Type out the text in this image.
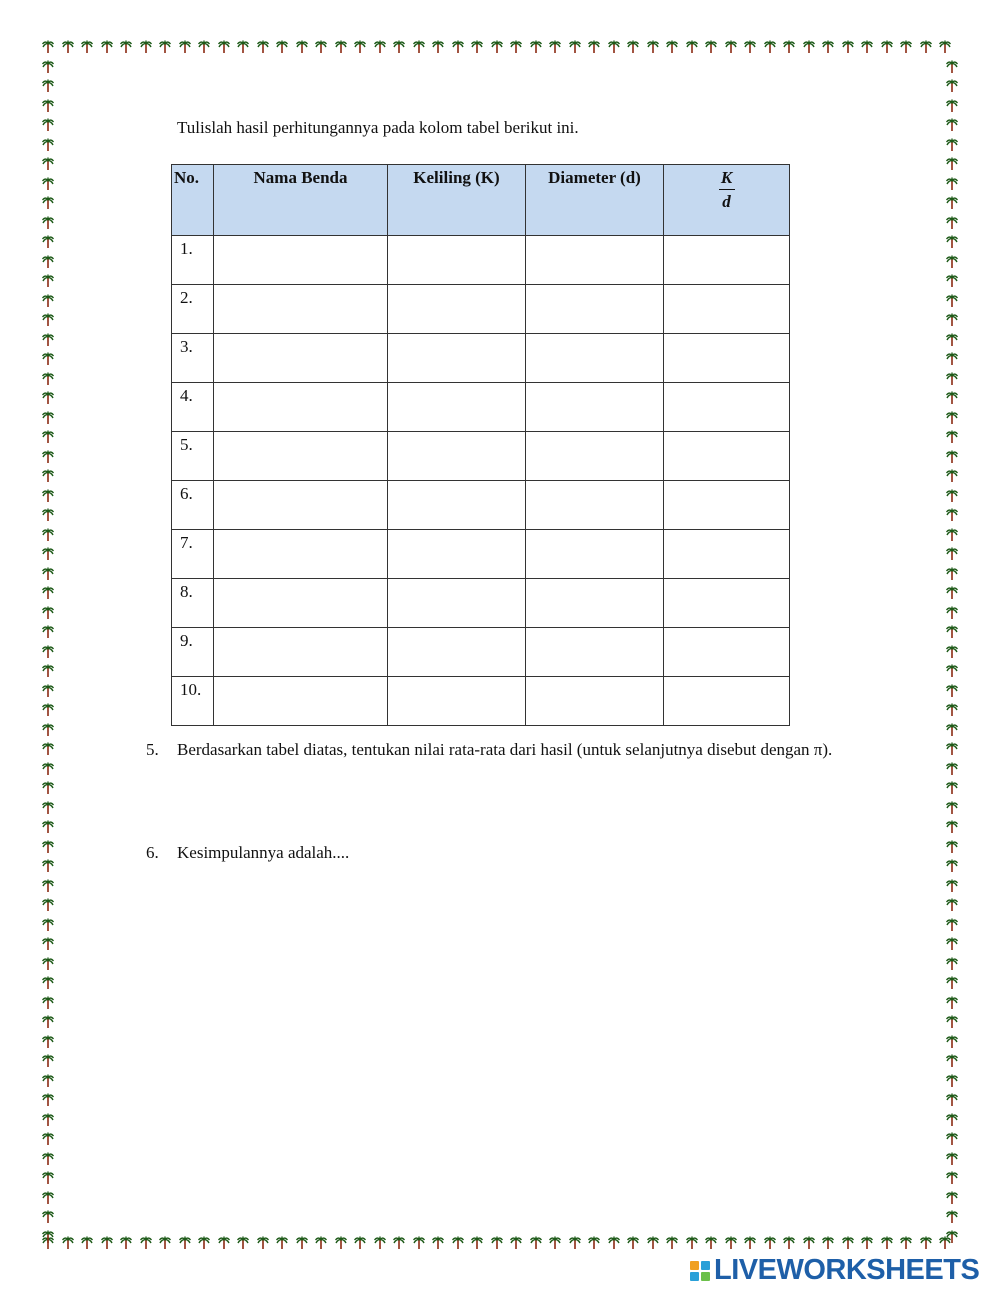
Tulislah hasil perhitungannya pada kolom tabel berikut ini.

No.	Nama Benda	Keliling (K)	Diameter (d)	$\frac{K}{d}$

1.				
2.				
3.				
4.				
5.				
6.				
7.				
8.				
9.				
10.				
5. Berdasarkan tabel diatas, tentukan nilai rata-rata dari hasil (untuk selanjutnya disebut dengan π).
6. Kesimpulannya adalah....
LIVEWORKSHEETS
